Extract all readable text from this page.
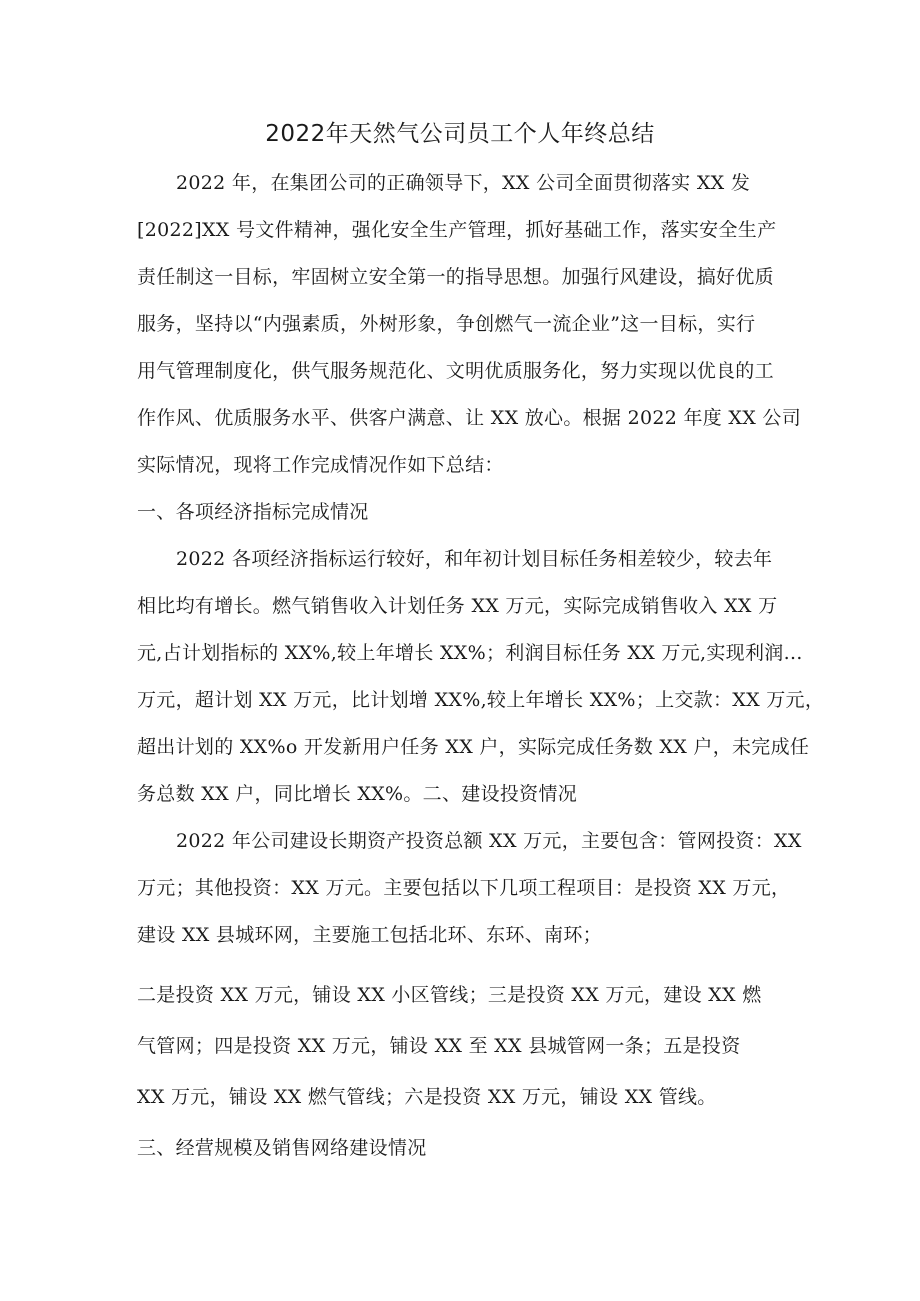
2022年天然气公司员工个人年终总结
2022 年，在集团公司的正确领导下，XX 公司全面贯彻落实 XX 发
[2022]XX 号文件精神，强化安全生产管理，抓好基础工作，落实安全生产
责任制这一目标，牢固树立安全第一的指导思想。加强行风建设，搞好优质
服务，坚持以“内强素质，外树形象，争创燃气一流企业”这一目标，实行
用气管理制度化，供气服务规范化、文明优质服务化，努力实现以优良的工
作作风、优质服务水平、供客户满意、让 XX 放心。根据 2022 年度 XX 公司
实际情况，现将工作完成情况作如下总结：
一、各项经济指标完成情况
2022 各项经济指标运行较好，和年初计划目标任务相差较少，较去年
相比均有增长。燃气销售收入计划任务 XX 万元，实际完成销售收入 XX 万
元,占计划指标的 XX%,较上年增长 XX%；利润目标任务 XX 万元,实现利润…
万元，超计划 XX 万元，比计划增 XX%,较上年增长 XX%；上交款：XX 万元，
超出计划的 XX%o 开发新用户任务 XX 户，实际完成任务数 XX 户，未完成任
务总数 XX 户，同比增长 XX%。二、建设投资情况
2022 年公司建设长期资产投资总额 XX 万元，主要包含：管网投资：XX
万元；其他投资：XX 万元。主要包括以下几项工程项目：是投资 XX 万元，
建设 XX 县城环网，主要施工包括北环、东环、南环；
二是投资 XX 万元，铺设 XX 小区管线；三是投资 XX 万元，建设 XX 燃
气管网；四是投资 XX 万元，铺设 XX 至 XX 县城管网一条；五是投资
XX 万元，铺设 XX 燃气管线；六是投资 XX 万元，铺设 XX 管线。
三、经营规模及销售网络建设情况
